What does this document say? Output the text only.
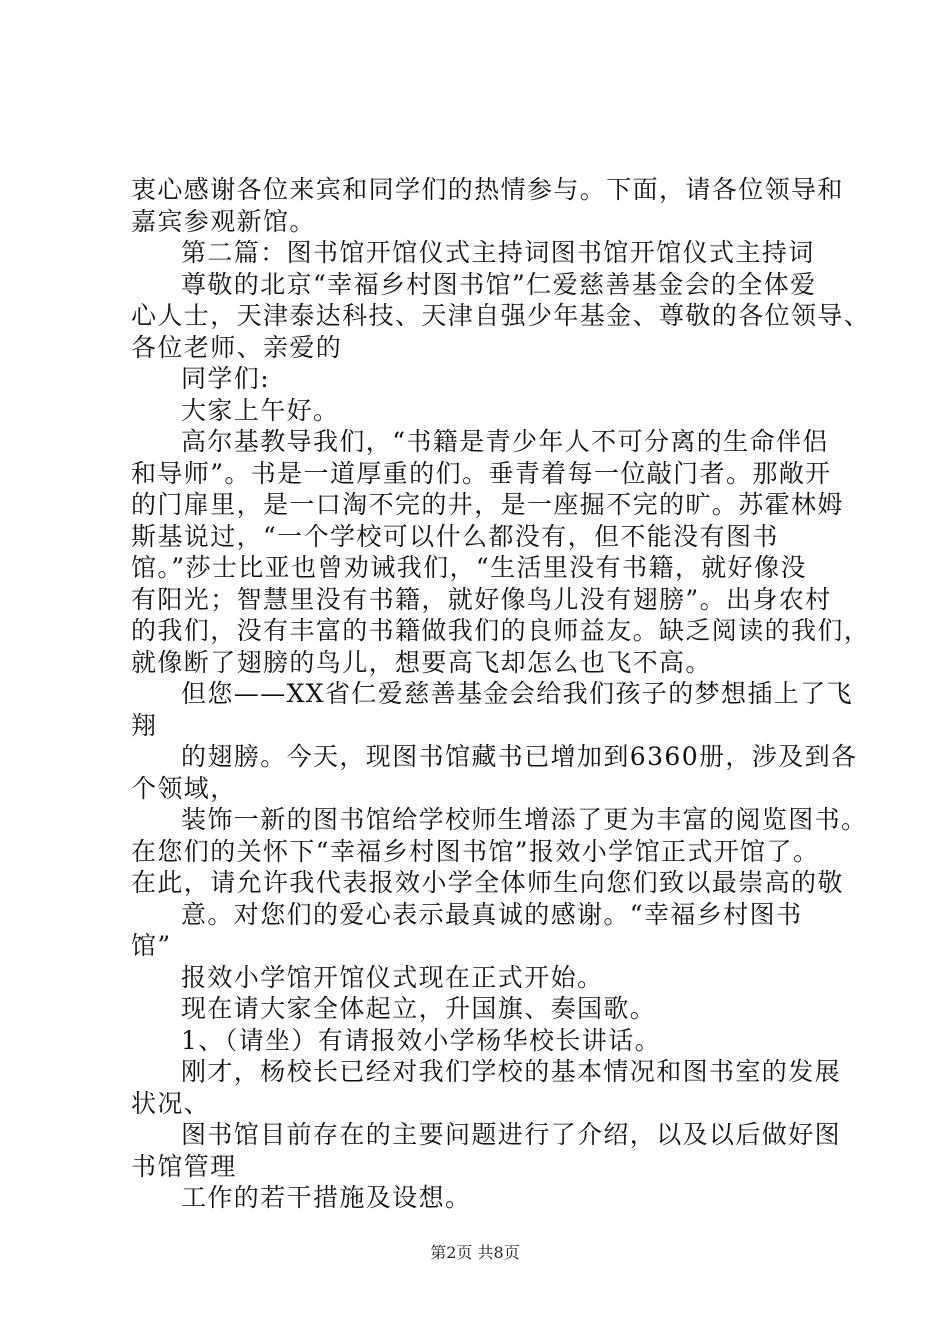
衷心感谢各位来宾和同学们的热情参与。下面，请各位领导和
嘉宾参观新馆。
第二篇：图书馆开馆仪式主持词图书馆开馆仪式主持词
尊敬的北京“幸福乡村图书馆”仁爱慈善基金会的全体爱
心人士，天津泰达科技、天津自强少年基金、尊敬的各位领导、
各位老师、亲爱的
同学们:
大家上午好。
高尔基教导我们，“书籍是青少年人不可分离的生命伴侣
和导师”。书是一道厚重的们。垂青着每一位敲门者。那敞开
的门扉里，是一口淘不完的井，是一座掘不完的旷。苏霍林姆
斯基说过，“一个学校可以什么都没有，但不能没有图书
馆。”莎士比亚也曾劝诫我们，“生活里没有书籍，就好像没
有阳光；智慧里没有书籍，就好像鸟儿没有翅膀”。出身农村
的我们，没有丰富的书籍做我们的良师益友。缺乏阅读的我们，
就像断了翅膀的鸟儿，想要高飞却怎么也飞不高。
但您——XX省仁爱慈善基金会给我们孩子的梦想插上了飞
翔
的翅膀。今天，现图书馆藏书已增加到6360册，涉及到各
个领域，
装饰一新的图书馆给学校师生增添了更为丰富的阅览图书。
在您们的关怀下“幸福乡村图书馆”报效小学馆正式开馆了。
在此，请允许我代表报效小学全体师生向您们致以最崇高的敬
意。对您们的爱心表示最真诚的感谢。“幸福乡村图书
馆”
报效小学馆开馆仪式现在正式开始。
现在请大家全体起立，升国旗、奏国歌。
1、（请坐）有请报效小学杨华校长讲话。
刚才，杨校长已经对我们学校的基本情况和图书室的发展
状况、
图书馆目前存在的主要问题进行了介绍，以及以后做好图
书馆管理
工作的若干措施及设想。
第2页 共8页
